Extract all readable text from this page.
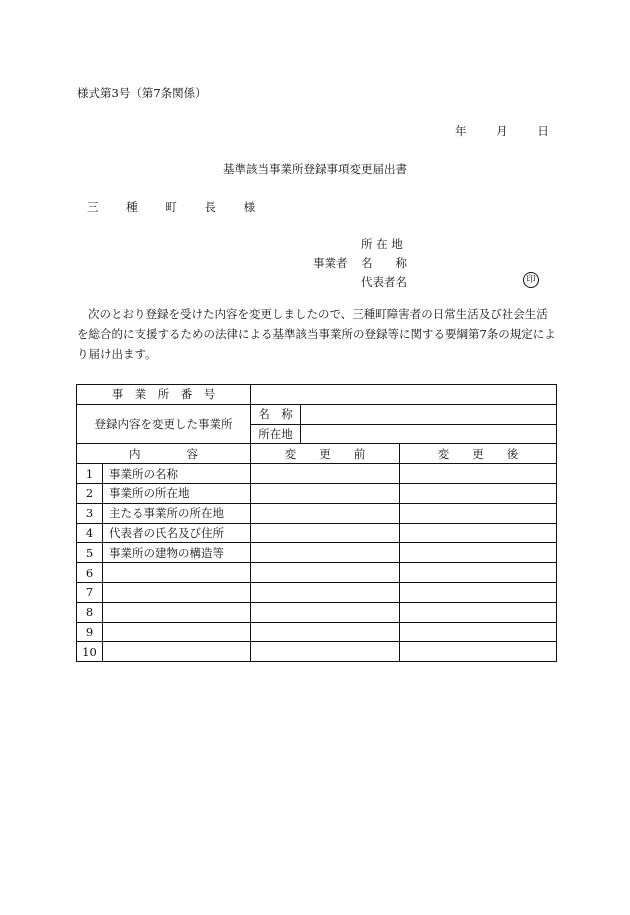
様式第3号（第7条関係）
年	月	日
基準該当事業所登録事項変更届出書
三 種 町 長 様
所 在 地
事業者 名　　称
代表者名	印
次のとおり登録を受けた内容を変更しましたので、三種町障害者の日常生活及び社会生活を総合的に支援するための法律による基準該当事業所の登録等に関する要綱第7条の規定により届け出ます。
事　業　所　番　号				
登録内容を変更した事業所		名　称		
		所在地		
内　　　　容		変　　更　　前		変　　更　　後
1	事業所の名称			
2	事業所の所在地			
3	主たる事業所の所在地			
4	代表者の氏名及び住所			
5	事業所の建物の構造等			
6				
7				
8				
9				
10				
